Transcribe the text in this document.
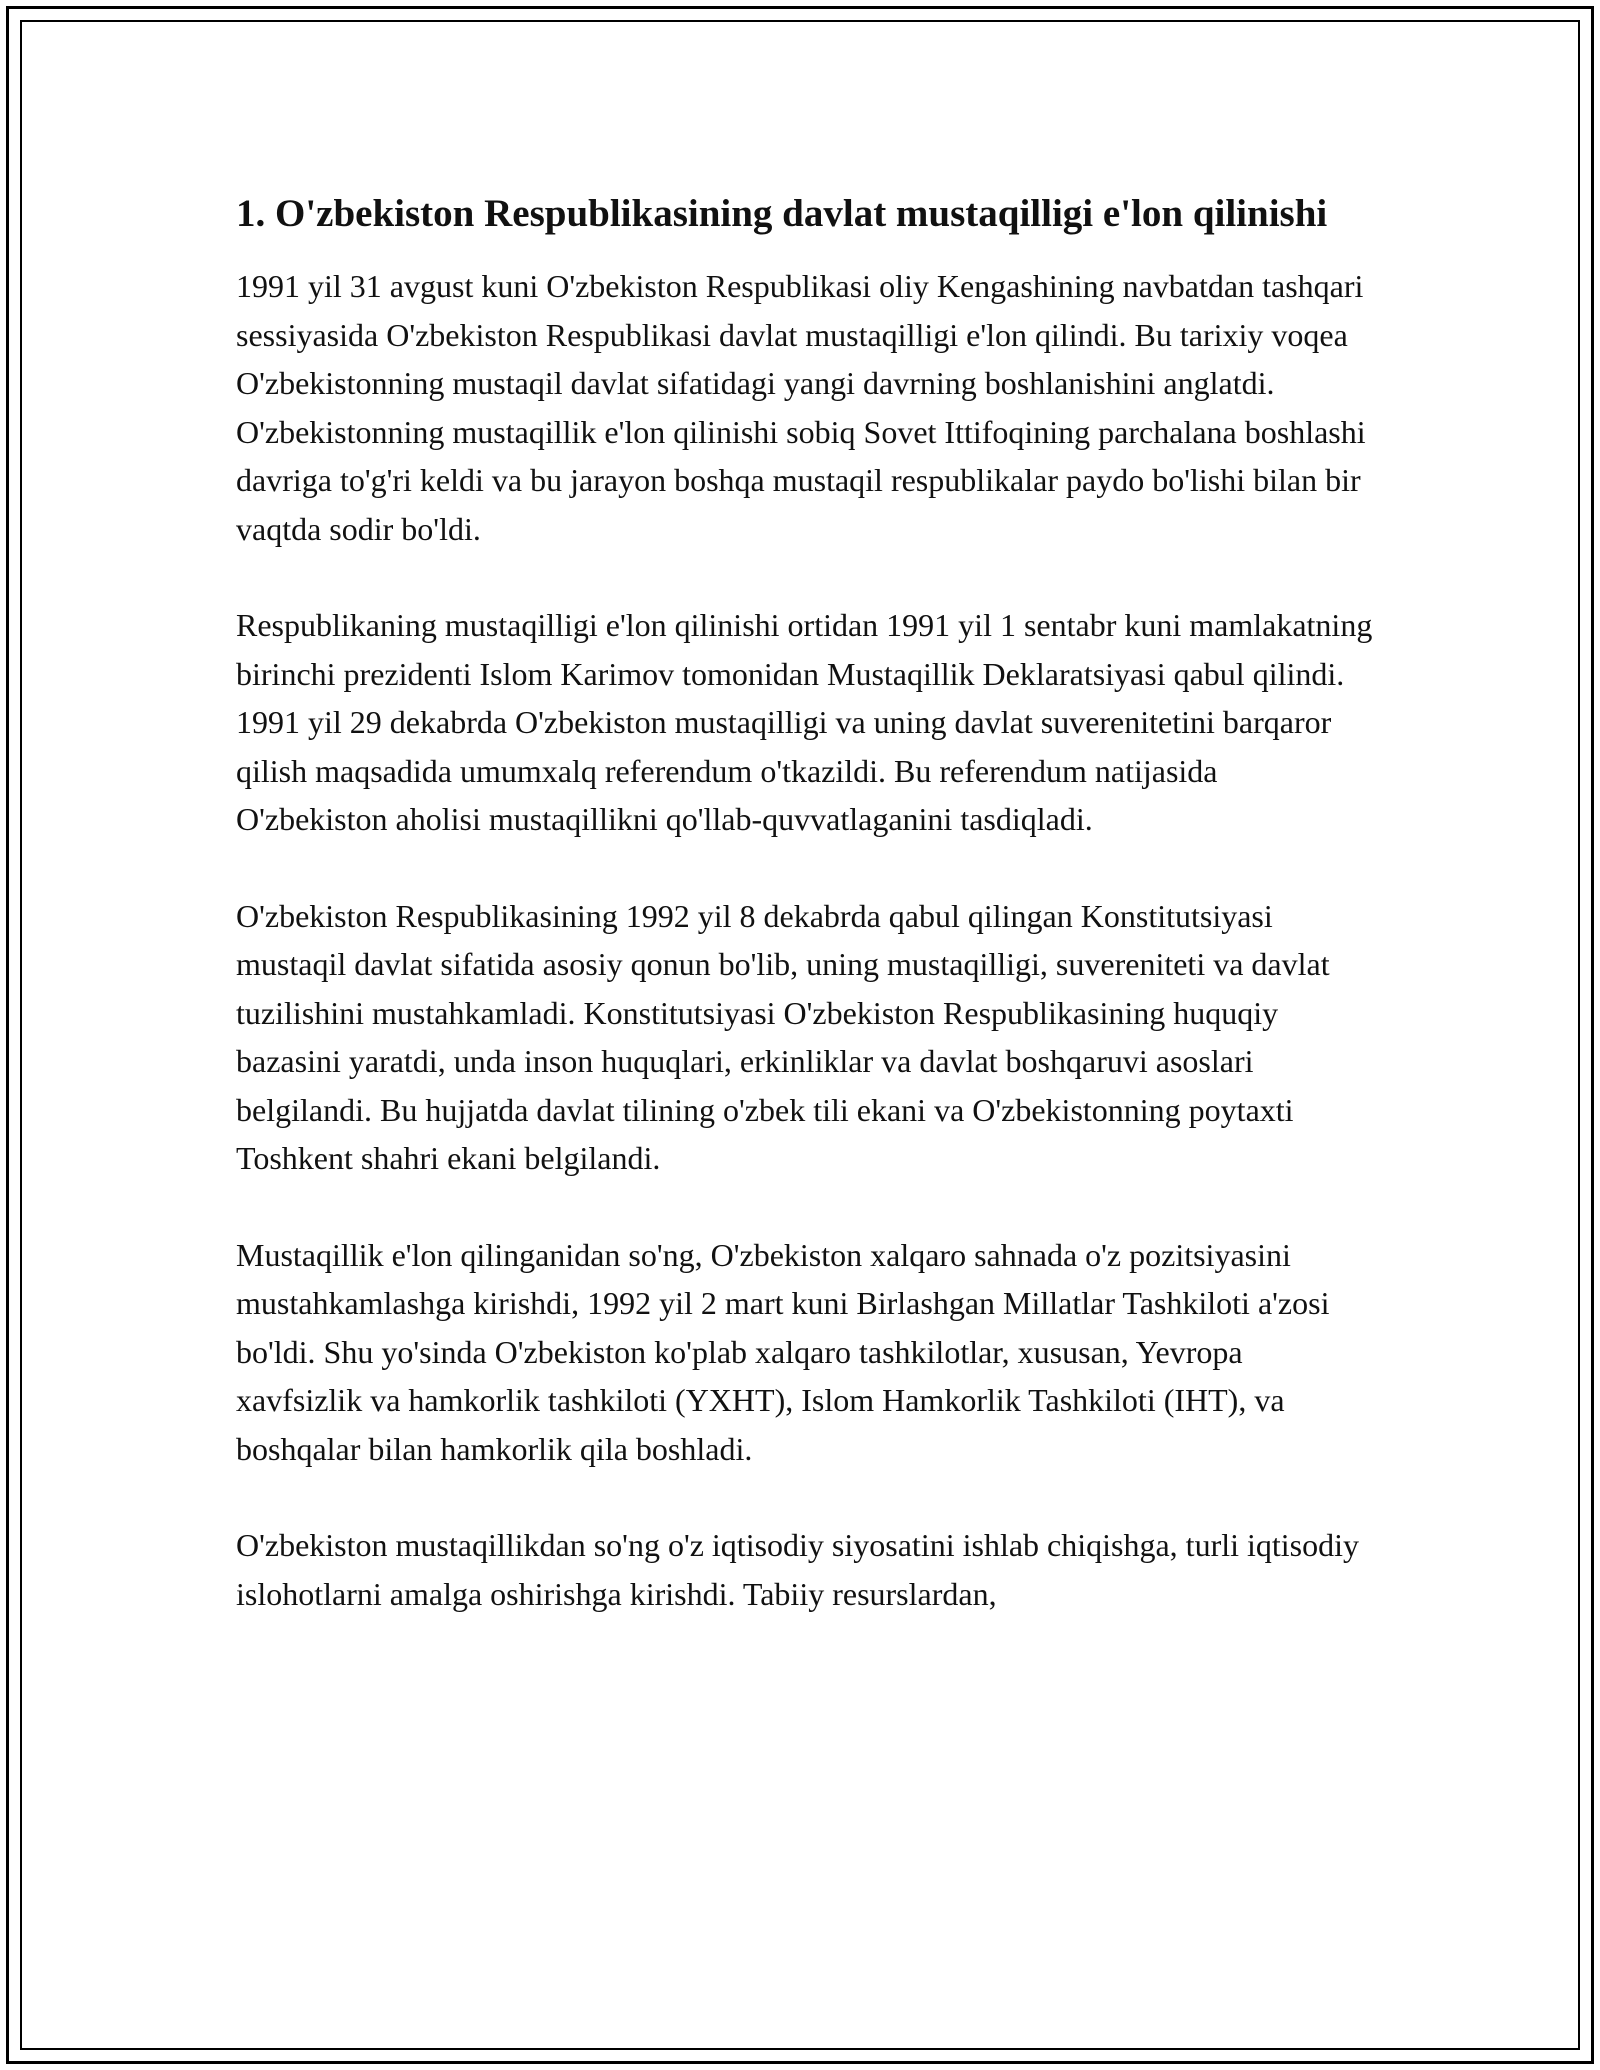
1. O'zbekiston Respublikasining davlat mustaqilligi e'lon qilinishi

1991 yil 31 avgust kuni O'zbekiston Respublikasi oliy Kengashining navbatdan tashqari sessiyasida O'zbekiston Respublikasi davlat mustaqilligi e'lon qilindi. Bu tarixiy voqea O'zbekistonning mustaqil davlat sifatidagi yangi davrning boshlanishini anglatdi. O'zbekistonning mustaqillik e'lon qilinishi sobiq Sovet Ittifoqining parchalana boshlashi davriga to'g'ri keldi va bu jarayon boshqa mustaqil respublikalar paydo bo'lishi bilan bir vaqtda sodir bo'ldi.

Respublikaning mustaqilligi e'lon qilinishi ortidan 1991 yil 1 sentabr kuni mamlakatning birinchi prezidenti Islom Karimov tomonidan Mustaqillik Deklaratsiyasi qabul qilindi. 1991 yil 29 dekabrda O'zbekiston mustaqilligi va uning davlat suverenitetini barqaror qilish maqsadida umumxalq referendum o'tkazildi. Bu referendum natijasida O'zbekiston aholisi mustaqillikni qo'llab-quvvatlaganini tasdiqladi.

O'zbekiston Respublikasining 1992 yil 8 dekabrda qabul qilingan Konstitutsiyasi mustaqil davlat sifatida asosiy qonun bo'lib, uning mustaqilligi, suvereniteti va davlat tuzilishini mustahkamladi. Konstitutsiyasi O'zbekiston Respublikasining huquqiy bazasini yaratdi, unda inson huquqlari, erkinliklar va davlat boshqaruvi asoslari belgilandi. Bu hujjatda davlat tilining o'zbek tili ekani va O'zbekistonning poytaxti Toshkent shahri ekani belgilandi.

Mustaqillik e'lon qilinganidan so'ng, O'zbekiston xalqaro sahnada o'z pozitsiyasini mustahkamlashga kirishdi, 1992 yil 2 mart kuni Birlashgan Millatlar Tashkiloti a'zosi bo'ldi. Shu yo'sinda O'zbekiston ko'plab xalqaro tashkilotlar, xususan, Yevropa xavfsizlik va hamkorlik tashkiloti (YXHT), Islom Hamkorlik Tashkiloti (IHT), va boshqalar bilan hamkorlik qila boshladi.

O'zbekiston mustaqillikdan so'ng o'z iqtisodiy siyosatini ishlab chiqishga, turli iqtisodiy islohotlarni amalga oshirishga kirishdi. Tabiiy resurslardan,
